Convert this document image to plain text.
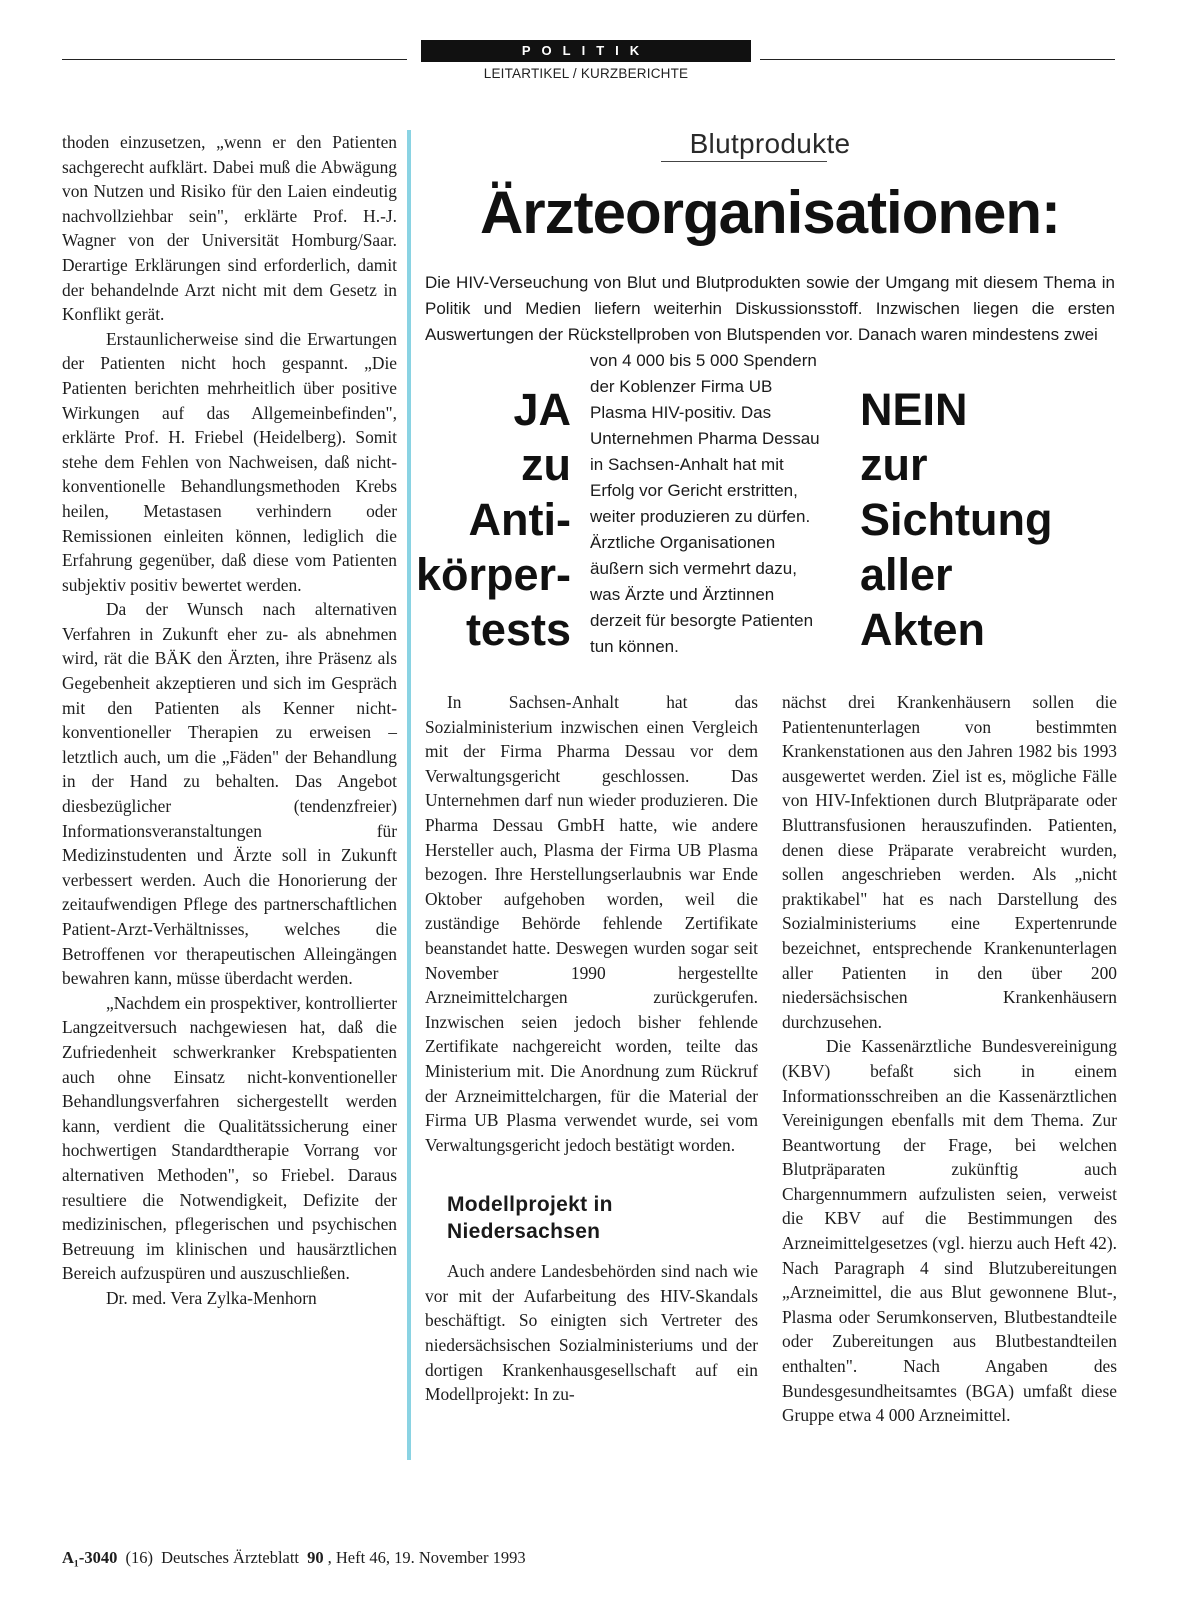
POLITIK
LEITARTIKEL / KURZBERICHTE

thoden einzusetzen, „wenn er den Patienten sachgerecht aufklärt. Dabei muß die Abwägung von Nutzen und Risiko für den Laien eindeutig nachvollziehbar sein", erklärte Prof. H.-J. Wagner von der Universität Homburg/Saar. Derartige Erklärungen sind erforderlich, damit der behandelnde Arzt nicht mit dem Gesetz in Konflikt gerät.

Erstaunlicherweise sind die Erwartungen der Patienten nicht hoch gespannt. „Die Patienten berichten mehrheitlich über positive Wirkungen auf das Allgemeinbefinden", erklärte Prof. H. Friebel (Heidelberg). Somit stehe dem Fehlen von Nachweisen, daß nicht-konventionelle Behandlungsmethoden Krebs heilen, Metastasen verhindern oder Remissionen einleiten können, lediglich die Erfahrung gegenüber, daß diese vom Patienten subjektiv positiv bewertet werden.

Da der Wunsch nach alternativen Verfahren in Zukunft eher zu- als abnehmen wird, rät die BÄK den Ärzten, ihre Präsenz als Gegebenheit akzeptieren und sich im Gespräch mit den Patienten als Kenner nicht-konventioneller Therapien zu erweisen – letztlich auch, um die „Fäden" der Behandlung in der Hand zu behalten. Das Angebot diesbezüglicher (tendenzfreier) Informationsveranstaltungen für Medizinstudenten und Ärzte soll in Zukunft verbessert werden. Auch die Honorierung der zeitaufwendigen Pflege des partnerschaftlichen Patient-Arzt-Verhältnisses, welches die Betroffenen vor therapeutischen Alleingängen bewahren kann, müsse überdacht werden.

„Nachdem ein prospektiver, kontrollierter Langzeitversuch nachgewiesen hat, daß die Zufriedenheit schwerkranker Krebspatienten auch ohne Einsatz nicht-konventioneller Behandlungsverfahren sichergestellt werden kann, verdient die Qualitätssicherung einer hochwertigen Standardtherapie Vorrang vor alternativen Methoden", so Friebel. Daraus resultiere die Notwendigkeit, Defizite der medizinischen, pflegerischen und psychischen Betreuung im klinischen und hausärztlichen Bereich aufzuspüren und auszuschließen.

Dr. med. Vera Zylka-Menhorn

Blutprodukte
Ärzteorganisationen:
Die HIV-Verseuchung von Blut und Blutprodukten sowie der Umgang mit diesem Thema in Politik und Medien liefern weiterhin Diskussionsstoff. Inzwischen liegen die ersten Auswertungen der Rückstellproben von Blutspenden vor. Danach waren mindestens zwei
von 4 000 bis 5 000 Spendern der Koblenzer Firma UB Plasma HIV-positiv. Das Unternehmen Pharma Dessau in Sachsen-Anhalt hat mit Erfolg vor Gericht erstritten, weiter produzieren zu dürfen. Ärztliche Organisationen äußern sich vermehrt dazu, was Ärzte und Ärztinnen derzeit für besorgte Patienten tun können.
JA
zu
Anti-
körper-
tests
NEIN
zur
Sichtung
aller
Akten

In Sachsen-Anhalt hat das Sozialministerium inzwischen einen Vergleich mit der Firma Pharma Dessau vor dem Verwaltungsgericht geschlossen. Das Unternehmen darf nun wieder produzieren. Die Pharma Dessau GmbH hatte, wie andere Hersteller auch, Plasma der Firma UB Plasma bezogen. Ihre Herstellungserlaubnis war Ende Oktober aufgehoben worden, weil die zuständige Behörde fehlende Zertifikate beanstandet hatte. Deswegen wurden sogar seit November 1990 hergestellte Arzneimittelchargen zurückgerufen. Inzwischen seien jedoch bisher fehlende Zertifikate nachgereicht worden, teilte das Ministerium mit. Die Anordnung zum Rückruf der Arzneimittelchargen, für die Material der Firma UB Plasma verwendet wurde, sei vom Verwaltungsgericht jedoch bestätigt worden.

Modellprojekt in Niedersachsen

Auch andere Landesbehörden sind nach wie vor mit der Aufarbeitung des HIV-Skandals beschäftigt. So einigten sich Vertreter des niedersächsischen Sozialministeriums und der dortigen Krankenhausgesellschaft auf ein Modellprojekt: In zu-

nächst drei Krankenhäusern sollen die Patientenunterlagen von bestimmten Krankenstationen aus den Jahren 1982 bis 1993 ausgewertet werden. Ziel ist es, mögliche Fälle von HIV-Infektionen durch Blutpräparate oder Bluttransfusionen herauszufinden. Patienten, denen diese Präparate verabreicht wurden, sollen angeschrieben werden. Als „nicht praktikabel" hat es nach Darstellung des Sozialministeriums eine Expertenrunde bezeichnet, entsprechende Krankenunterlagen aller Patienten in den über 200 niedersächsischen Krankenhäusern durchzusehen.

Die Kassenärztliche Bundesvereinigung (KBV) befaßt sich in einem Informationsschreiben an die Kassenärztlichen Vereinigungen ebenfalls mit dem Thema. Zur Beantwortung der Frage, bei welchen Blutpräparaten zukünftig auch Chargennummern aufzulisten seien, verweist die KBV auf die Bestimmungen des Arzneimittelgesetzes (vgl. hierzu auch Heft 42). Nach Paragraph 4 sind Blutzubereitungen „Arzneimittel, die aus Blut gewonnene Blut-, Plasma oder Serumkonserven, Blutbestandteile oder Zubereitungen aus Blutbestandteilen enthalten". Nach Angaben des Bundesgesundheitsamtes (BGA) umfaßt diese Gruppe etwa 4 000 Arzneimittel.

A₁-3040 (16) Deutsches Ärzteblatt 90 , Heft 46, 19. November 1993
